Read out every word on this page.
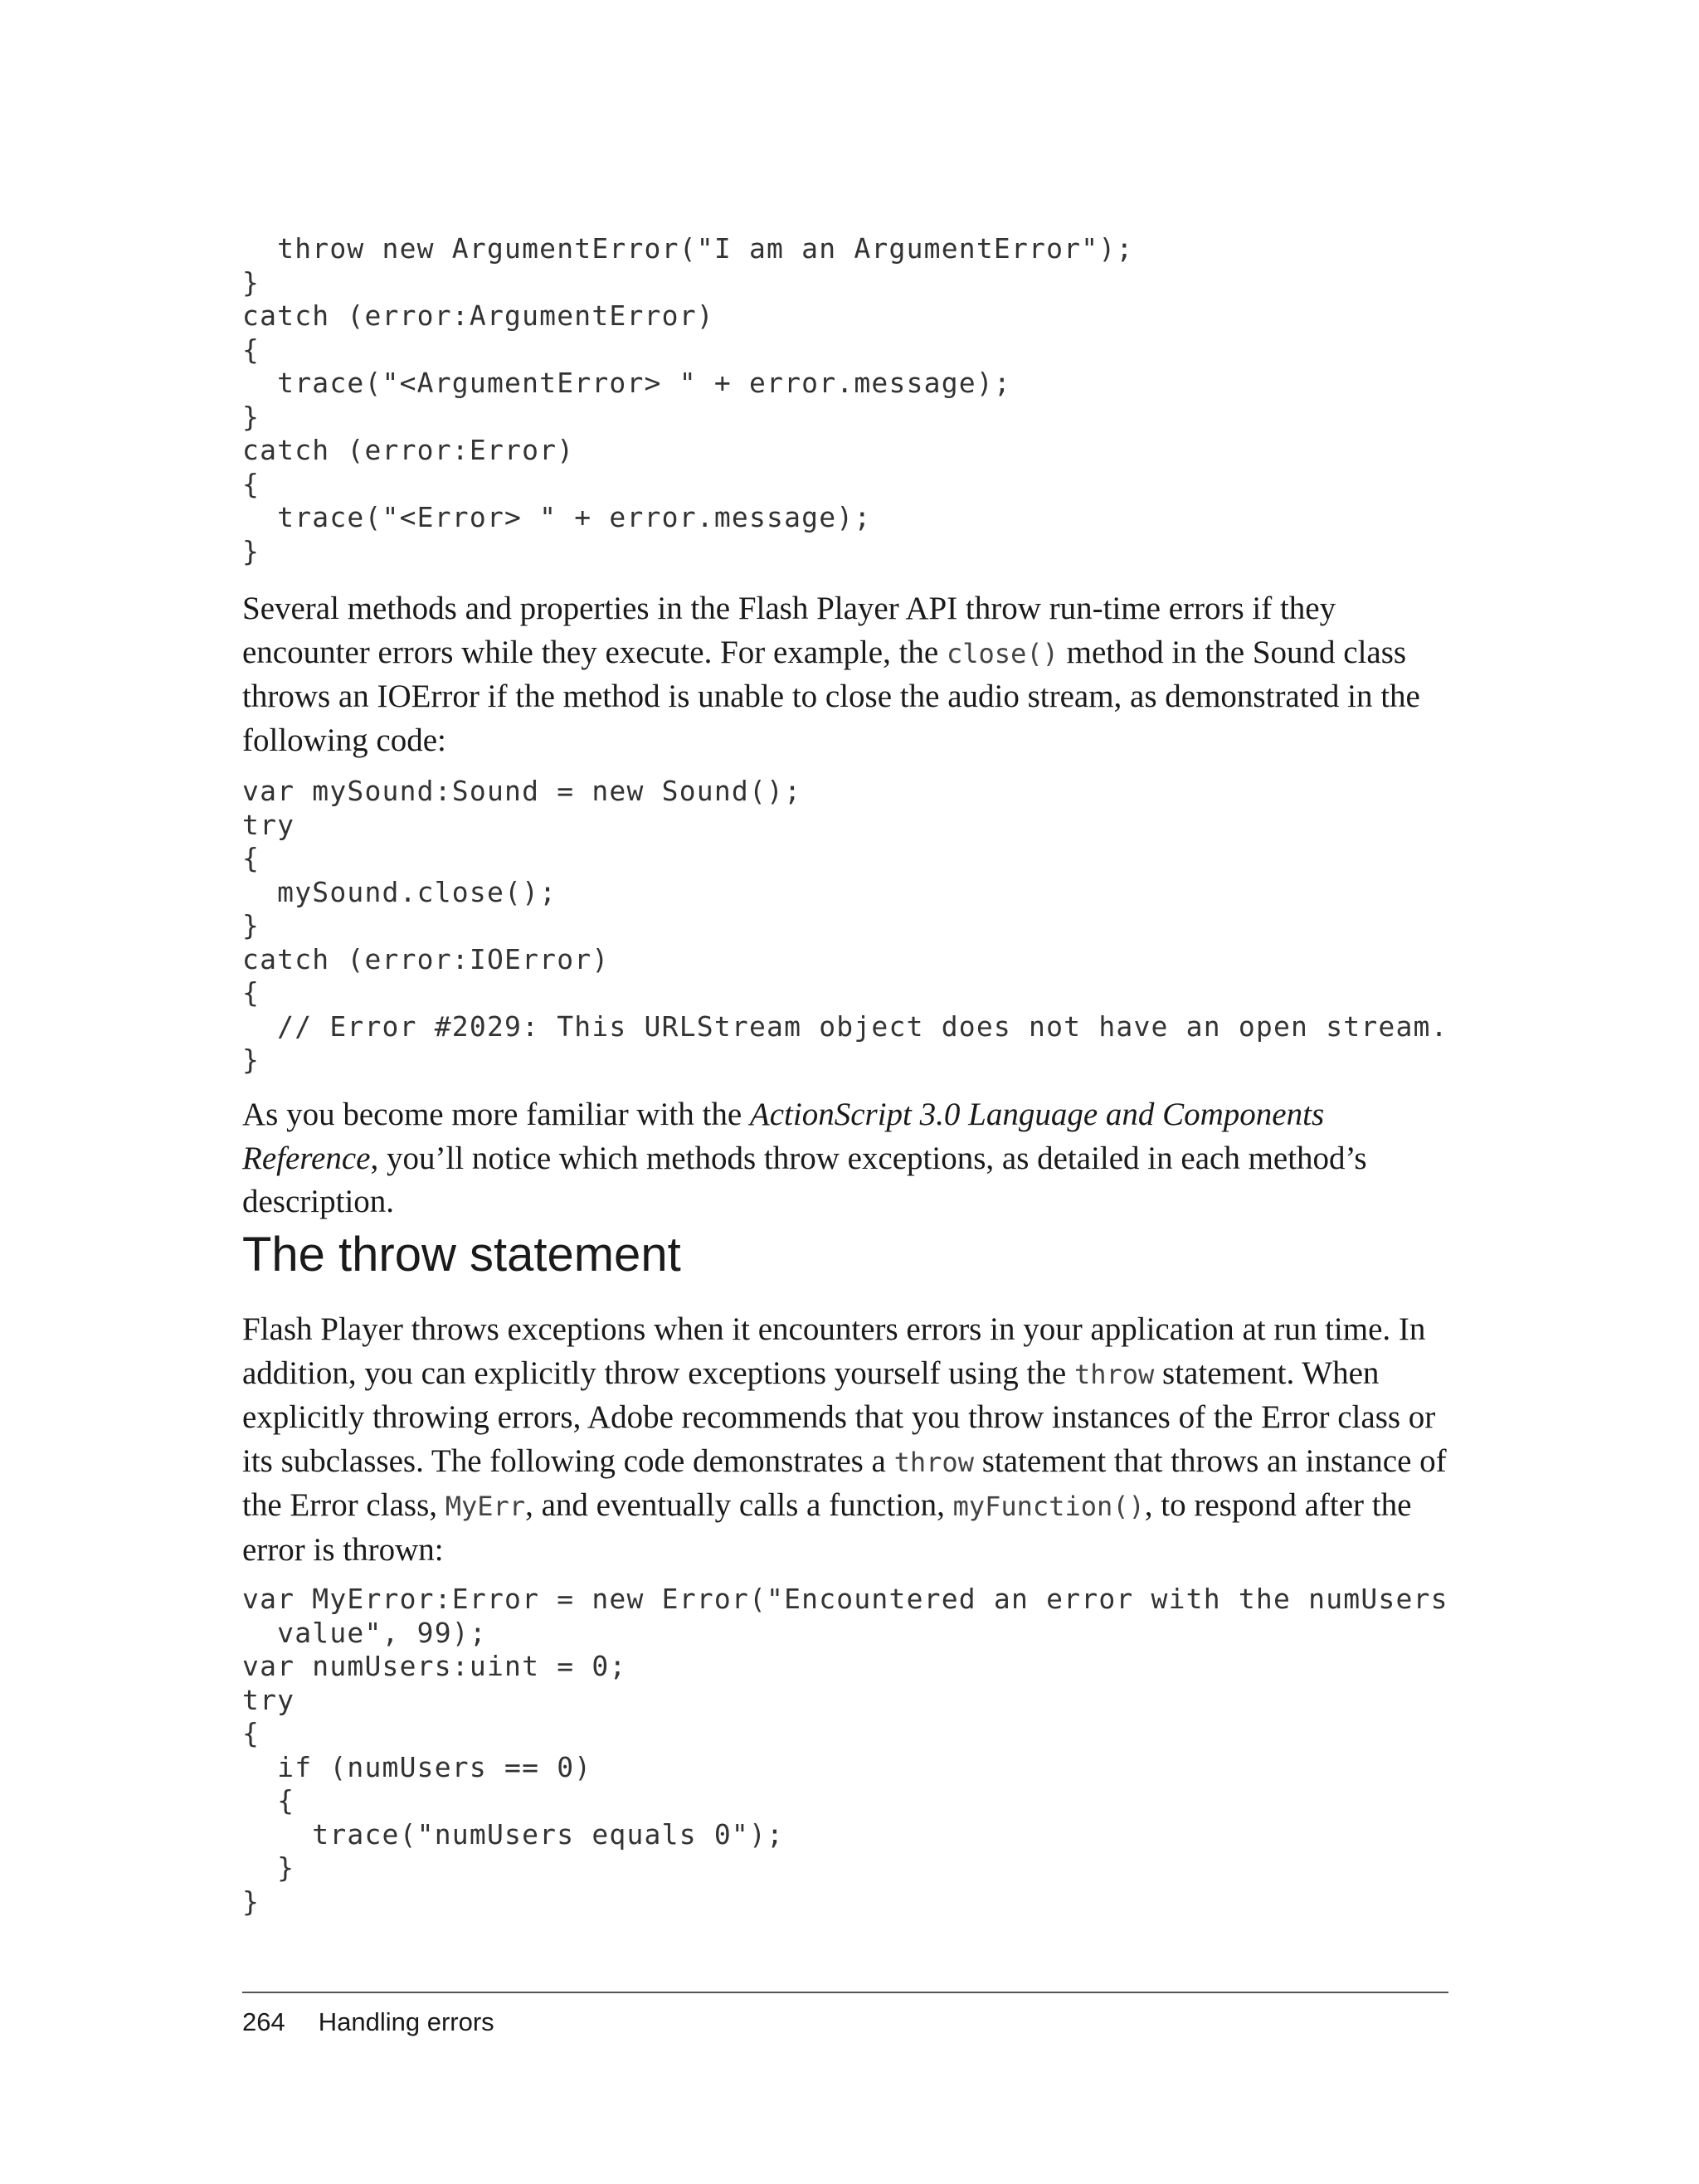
throw new ArgumentError("I am an ArgumentError");
}
catch (error:ArgumentError)
{
trace("<ArgumentError> " + error.message);
}
catch (error:Error)
{
trace("<Error> " + error.message);
}

Several methods and properties in the Flash Player API throw run-time errors if they encounter errors while they execute. For example, the close() method in the Sound class throws an IOError if the method is unable to close the audio stream, as demonstrated in the following code:

var mySound:Sound = new Sound();
try
{
mySound.close();
}
catch (error:IOError)
{
// Error #2029: This URLStream object does not have an open stream.
}

As you become more familiar with the ActionScript 3.0 Language and Components Reference, you’ll notice which methods throw exceptions, as detailed in each method’s description.

The throw statement

Flash Player throws exceptions when it encounters errors in your application at run time. In addition, you can explicitly throw exceptions yourself using the throw statement. When explicitly throwing errors, Adobe recommends that you throw instances of the Error class or its subclasses. The following code demonstrates a throw statement that throws an instance of the Error class, MyErr, and eventually calls a function, myFunction(), to respond after the error is thrown:

var MyError:Error = new Error("Encountered an error with the numUsers
value", 99);
var numUsers:uint = 0;
try
{
if (numUsers == 0)
{
trace("numUsers equals 0");
}
}
264 Handling errors
